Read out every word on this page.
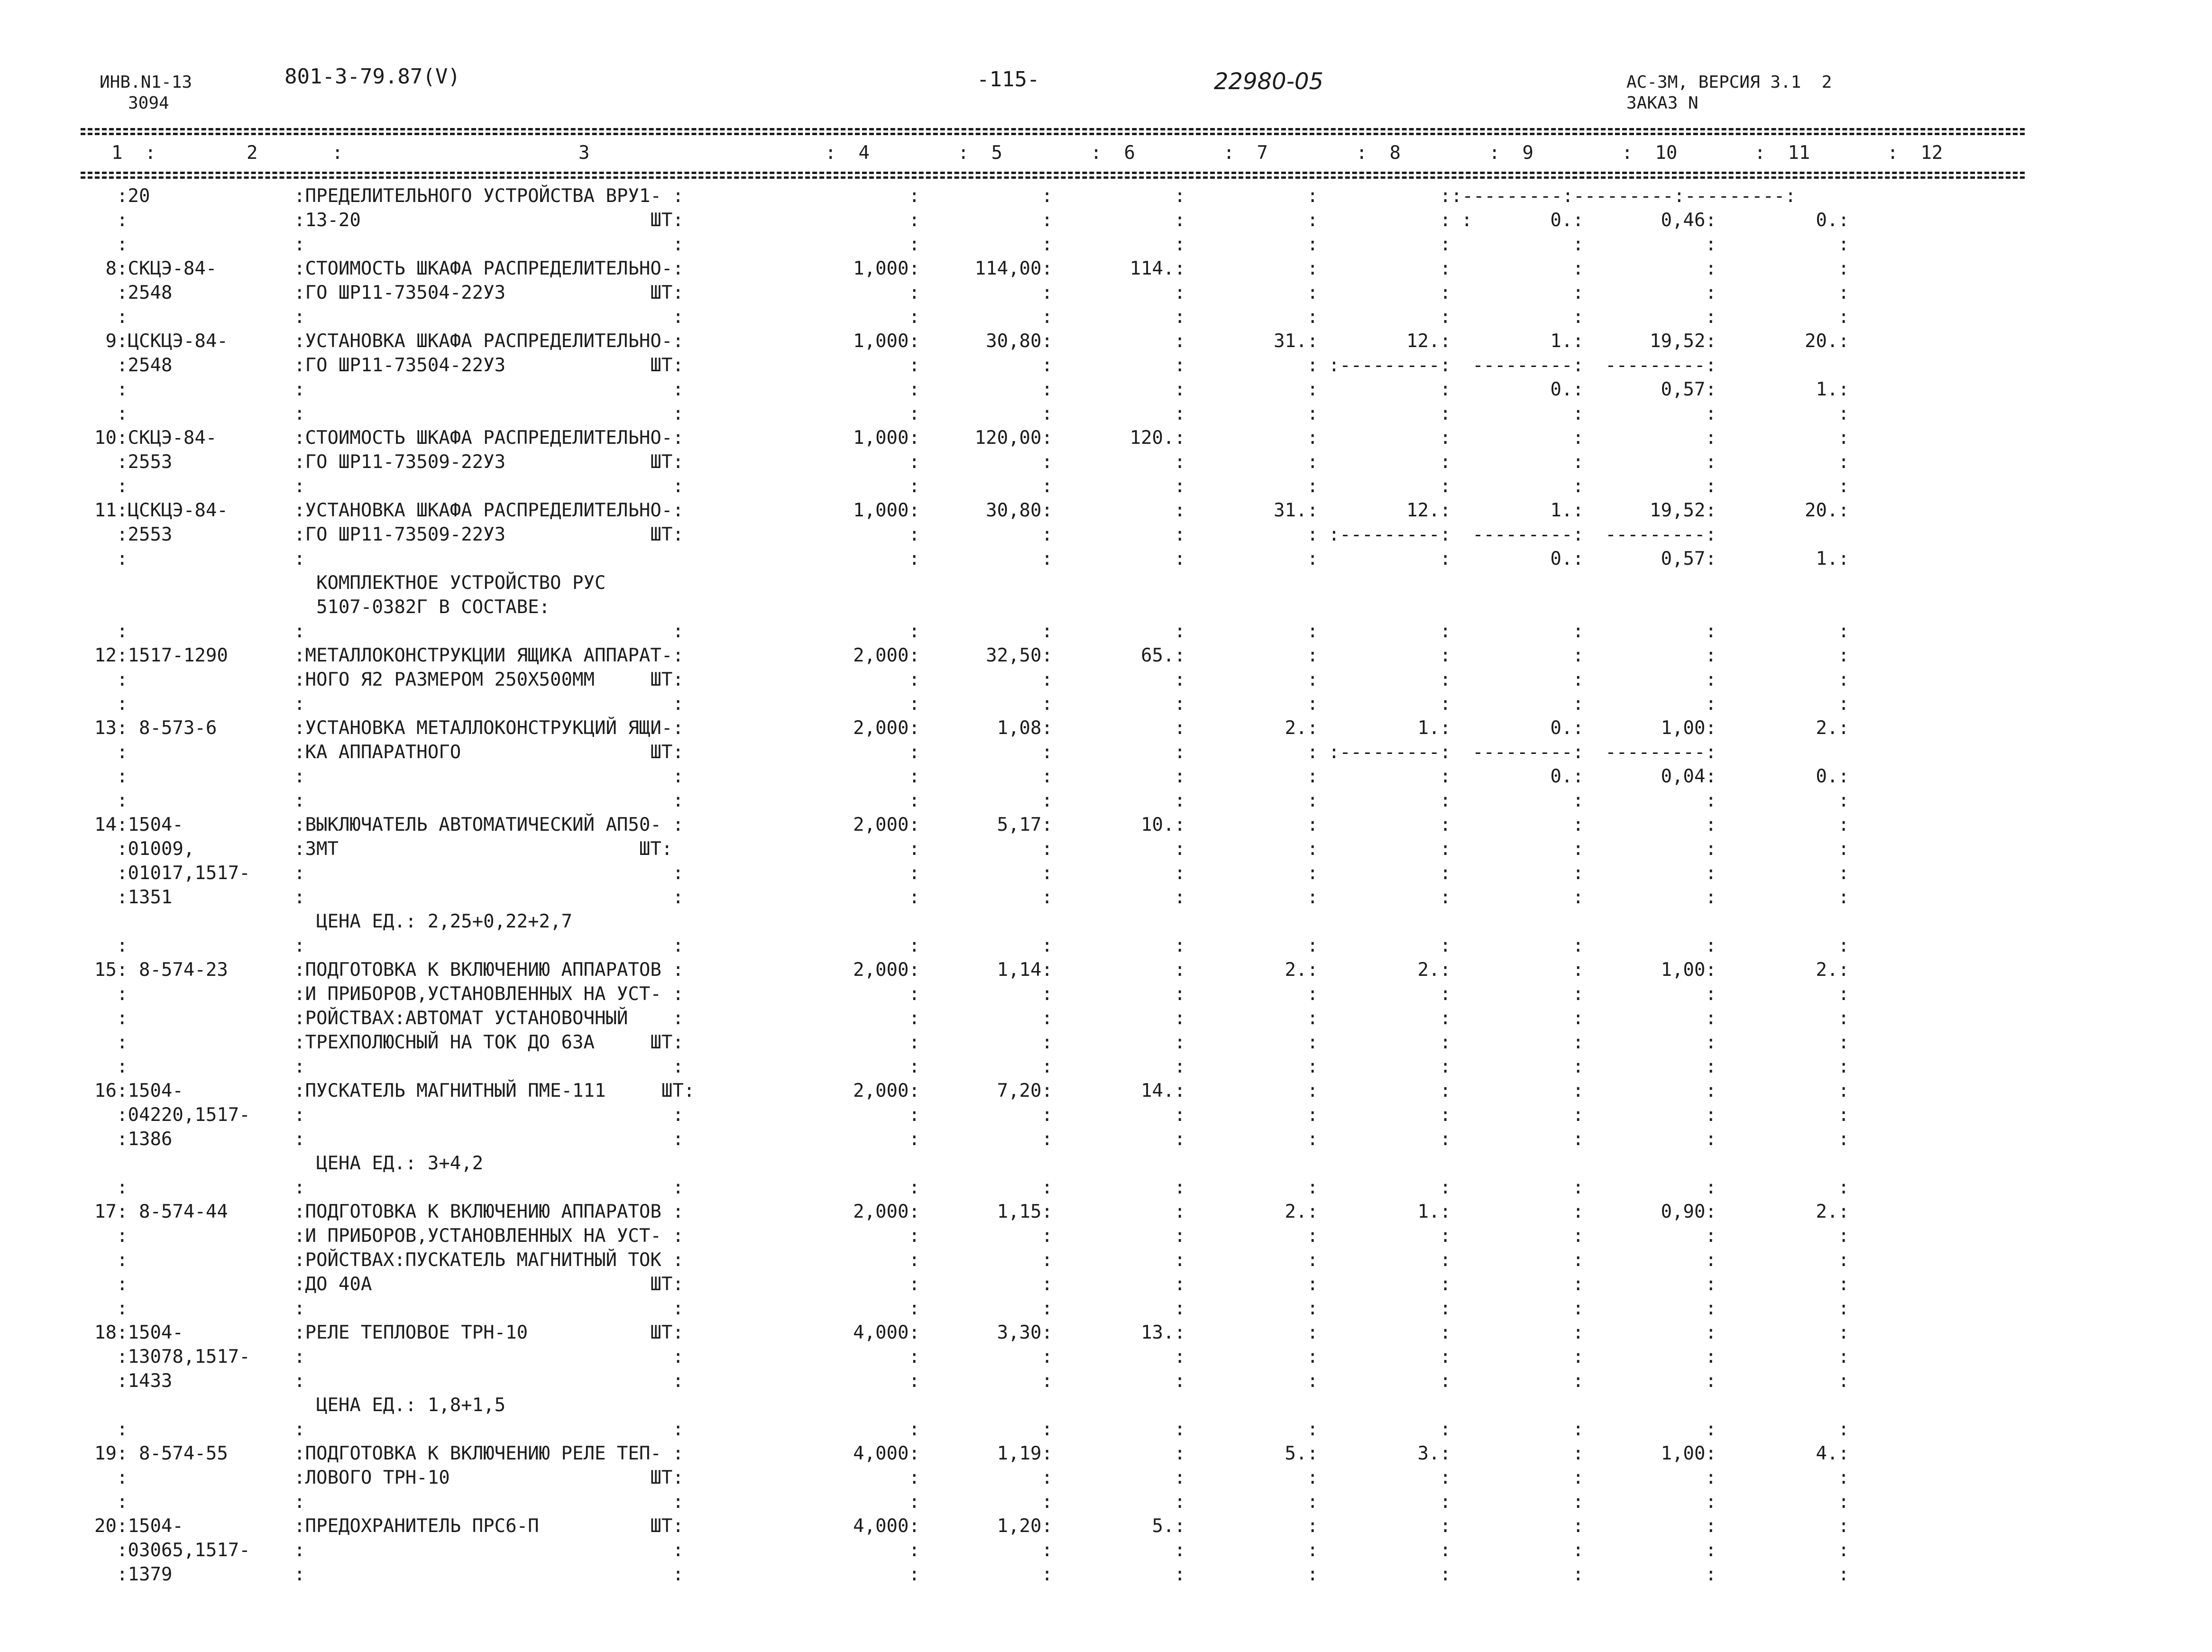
ИНВ.N1-13
3094
801-3-79.87(V)	-115-	22980-05	АС-3М, ВЕРСИЯ 3.1  2
ЗАКАЗ N
1  :	2	:	3	:  4	:  5	:  6	:  7	:  8	:  9	:  10	:  11	:  12
:20	:ПРЕДЕЛИТЕЛЬНОГО УСТРОЙСТВА ВРУ1- :	:	:	:	:	: :---------:---------:---------:
:	:13-20                          ШТ:	:	:	:	:	: :       0.:	0,46:	0.:
:	:                                 :	:	:	:	:	:	:	:	:
8 :СКЦЭ-84-	:СТОИМОСТЬ ШКАФА РАСПРЕДЕЛИТЕЛЬНО-:	1,000:	114,00:	114.:	:	:	:	:	:
:2548	:ГО ШР11-73504-22У3             ШТ:	:	:	:	:	:	:	:	:
:	:                                 :	:	:	:	:	:	:	:	:
9 :ЦСКЦЭ-84-	:УСТАНОВКА ШКАФА РАСПРЕДЕЛИТЕЛЬНО-:	1,000:	30,80:	:	31.:	12.:	1.:	19,52:	20.:
:2548	:ГО ШР11-73504-22У3             ШТ:	:	:	:	: :---------:	---------:	---------:
:	:                                 :	:	:	:	:	:	0.:	0,57:	1.:
:	:                                 :	:	:	:	:	:	:	:	:
10 :СКЦЭ-84-	:СТОИМОСТЬ ШКАФА РАСПРЕДЕЛИТЕЛЬНО-:	1,000:	120,00:	120.:	:	:	:	:	:
:2553	:ГО ШР11-73509-22У3             ШТ:	:	:	:	:	:	:	:	:
:	:                                 :	:	:	:	:	:	:	:	:
11 :ЦСКЦЭ-84-	:УСТАНОВКА ШКАФА РАСПРЕДЕЛИТЕЛЬНО-:	1,000:	30,80:	:	31.:	12.:	1.:	19,52:	20.:
:2553	:ГО ШР11-73509-22У3             ШТ:	:	:	:	: :---------:	---------:	---------:
:	:	:	:	:	:	:	0.:	0,57:	1.:
КОМПЛЕКТНОЕ УСТРОЙСТВО РУС
5107-0382Г В СОСТАВЕ:
:	:                                 :	:	:	:	:	:	:	:	:
12 :1517-1290	:МЕТАЛЛОКОНСТРУКЦИИ ЯЩИКА АППАРАТ-:	2,000:	32,50:	65.:	:	:	:	:	:
:	:НОГО Я2 РАЗМЕРОМ 250Х500ММ     ШТ:	:	:	:	:	:	:	:	:
:	:                                 :	:	:	:	:	:	:	:	:
13 : 8-573-6	:УСТАНОВКА МЕТАЛЛОКОНСТРУКЦИЙ ЯЩИ-:	2,000:	1,08:	:	2.:	1.:	0.:	1,00:	2.:
:	:КА АППАРАТНОГО                 ШТ:	:	:	:	: :---------:	---------:	---------:
:	:                                 :	:	:	:	:	:	0.:	0,04:	0.:
:	:                                 :	:	:	:	:	:	:	:	:
14 :1504-	:ВЫКЛЮЧАТЕЛЬ АВТОМАТИЧЕСКИЙ АП50- :	2,000:	5,17:	10.:	:	:	:	:	:
:01009,	:3МТ                           ШТ:	:	:	:	:	:	:	:	:
:01017,1517-	:                                 :	:	:	:	:	:	:	:	:
:1351	:                                 :	:	:	:	:	:	:	:	:
ЦЕНА ЕД.: 2,25+0,22+2,7
:	:                                 :	:	:	:	:	:	:	:	:
15 : 8-574-23	:ПОДГОТОВКА К ВКЛЮЧЕНИЮ АППАРАТОВ :	2,000:	1,14:	:	2.:	2.:	:	1,00:	2.:
:	:И ПРИБОРОВ,УСТАНОВЛЕННЫХ НА УСТ- :	:	:	:	:	:	:	:	:
:	:РОЙСТВАХ:АВТОМАТ УСТАНОВОЧНЫЙ    :	:	:	:	:	:	:	:	:
:	:ТРЕХПОЛЮСНЫЙ НА ТОК ДО 63А     ШТ:	:	:	:	:	:	:	:	:
:	:                                 :	:	:	:	:	:	:	:	:
16 :1504-	:ПУСКАТЕЛЬ МАГНИТНЫЙ ПМЕ-111     ШТ:	2,000:	7,20:	14.:	:	:	:	:	:
:04220,1517-	:                                 :	:	:	:	:	:	:	:	:
:1386	:                                 :	:	:	:	:	:	:	:	:
ЦЕНА ЕД.: 3+4,2
:	:                                 :	:	:	:	:	:	:	:	:
17 : 8-574-44	:ПОДГОТОВКА К ВКЛЮЧЕНИЮ АППАРАТОВ :	2,000:	1,15:	:	2.:	1.:	:	0,90:	2.:
:	:И ПРИБОРОВ,УСТАНОВЛЕННЫХ НА УСТ- :	:	:	:	:	:	:	:	:
:	:РОЙСТВАХ:ПУСКАТЕЛЬ МАГНИТНЫЙ ТОК :	:	:	:	:	:	:	:	:
:	:ДО 40А                         ШТ:	:	:	:	:	:	:	:	:
:	:                                 :	:	:	:	:	:	:	:	:
18 :1504-	:РЕЛЕ ТЕПЛОВОЕ ТРН-10           ШТ:	4,000:	3,30:	13.:	:	:	:	:	:
:13078,1517-	:                                 :	:	:	:	:	:	:	:	:
:1433	:                                 :	:	:	:	:	:	:	:	:
ЦЕНА ЕД.: 1,8+1,5
:	:                                 :	:	:	:	:	:	:	:	:
19 : 8-574-55	:ПОДГОТОВКА К ВКЛЮЧЕНИЮ РЕЛЕ ТЕП- :	4,000:	1,19:	:	5.:	3.:	:	1,00:	4.:
:	:ЛОВОГО ТРН-10                  ШТ:	:	:	:	:	:	:	:	:
:	:                                 :	:	:	:	:	:	:	:	:
20 :1504-	:ПРЕДОХРАНИТЕЛЬ ПРС6-П          ШТ:	4,000:	1,20:	5.:	:	:	:	:	:
:03065,1517-	:                                 :	:	:	:	:	:	:	:	:
:1379	:                                 :	:	:	:	:	:	:	:	:
